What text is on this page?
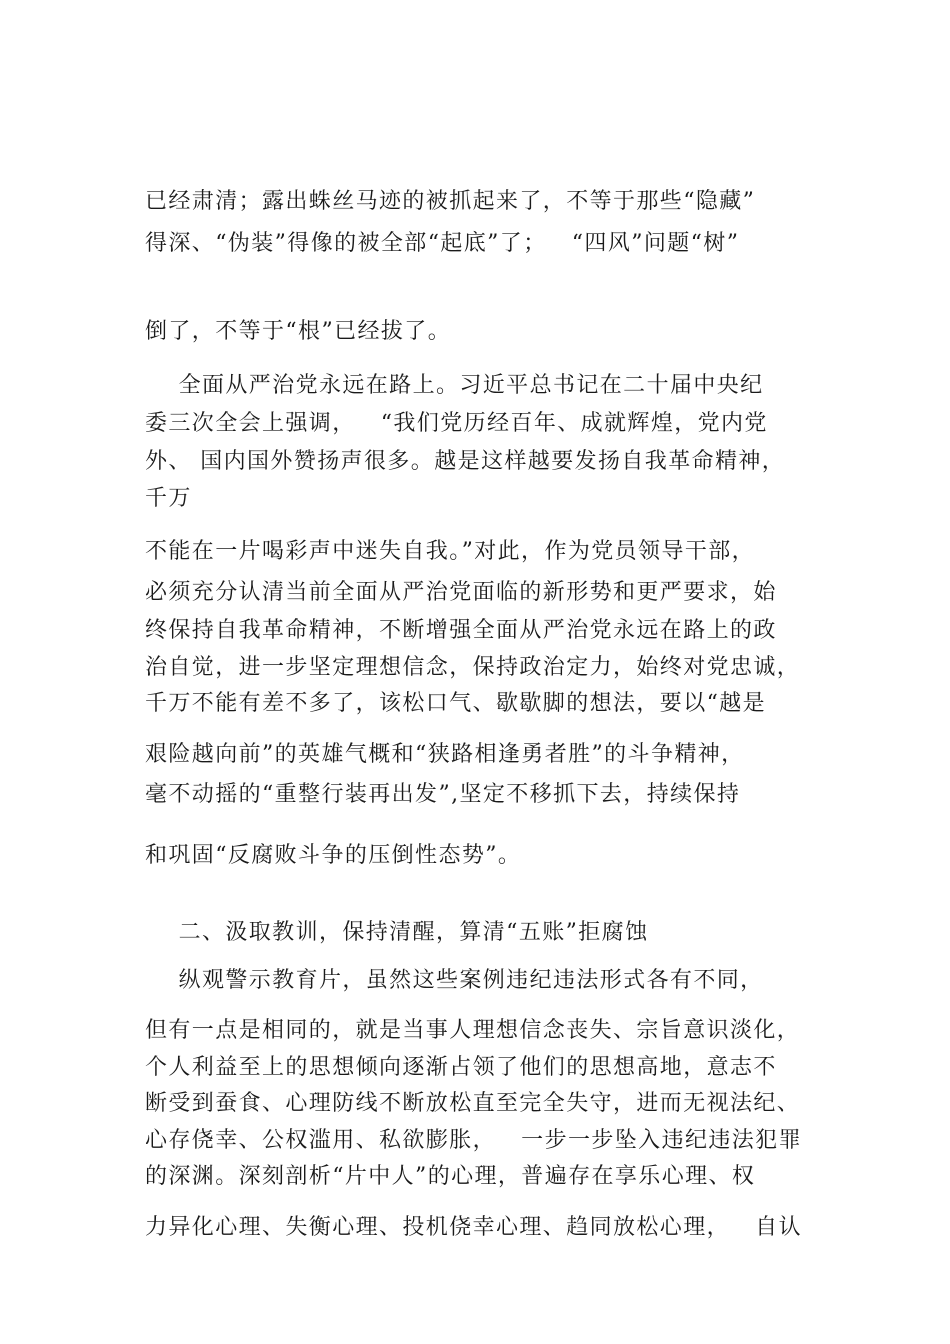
已经肃清；露出蛛丝马迹的被抓起来了，不等于那些“隐藏”
得深、“伪装”得像的被全部“起底”了；   “四风”问题“树”
倒了，不等于“根”已经拔了。
全面从严治党永远在路上。习近平总书记在二十届中央纪
委三次全会上强调，   “我们党历经百年、成就辉煌，党内党
外、 国内国外赞扬声很多。越是这样越要发扬自我革命精神，
千万
不能在一片喝彩声中迷失自我。”对此，作为党员领导干部，
必须充分认清当前全面从严治党面临的新形势和更严要求，始
终保持自我革命精神，不断增强全面从严治党永远在路上的政
治自觉，进一步坚定理想信念，保持政治定力，始终对党忠诚，
千万不能有差不多了，该松口气、歇歇脚的想法，要以“越是
艰险越向前”的英雄气概和“狭路相逢勇者胜”的斗争精神，
毫不动摇的“重整行装再出发”,坚定不移抓下去，持续保持
和巩固“反腐败斗争的压倒性态势”。
二、汲取教训，保持清醒，算清“五账”拒腐蚀
纵观警示教育片，虽然这些案例违纪违法形式各有不同，
但有一点是相同的，就是当事人理想信念丧失、宗旨意识淡化，
个人利益至上的思想倾向逐渐占领了他们的思想高地，意志不
断受到蚕食、心理防线不断放松直至完全失守，进而无视法纪、
心存侥幸、公权滥用、私欲膨胀，   一步一步坠入违纪违法犯罪
的深渊。深刻剖析“片中人”的心理，普遍存在享乐心理、权
力异化心理、失衡心理、投机侥幸心理、趋同放松心理，   自认
